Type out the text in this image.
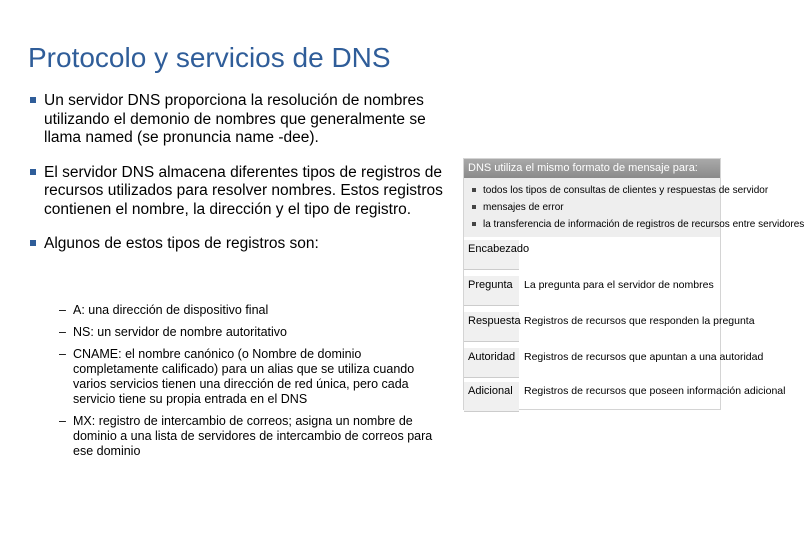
Protocolo y servicios de DNS
Un servidor DNS proporciona la resolución de nombres utilizando el demonio de nombres que generalmente se llama named (se pronuncia name -dee).
El servidor DNS almacena diferentes tipos de registros de recursos utilizados para resolver nombres. Estos registros contienen el nombre, la dirección y el tipo de registro.
Algunos de estos tipos de registros son:
– A: una dirección de dispositivo final
– NS: un servidor de nombre autoritativo
– CNAME: el nombre canónico (o Nombre de dominio completamente calificado) para un alias que se utiliza cuando varios servicios tienen una dirección de red única, pero cada servicio tiene su propia entrada en el DNS
– MX: registro de intercambio de correos; asigna un nombre de dominio a una lista de servidores de intercambio de correos para ese dominio
DNS utiliza el mismo formato de mensaje para:
todos los tipos de consultas de clientes y respuestas de servidor
mensajes de error
la transferencia de información de registros de recursos entre servidores
Encabezado
Pregunta	La pregunta para el servidor de nombres
Respuesta Registros de recursos que responden la pregunta
Autoridad Registros de recursos que apuntan a una autoridad
Adicional	Registros de recursos que poseen información adicional
